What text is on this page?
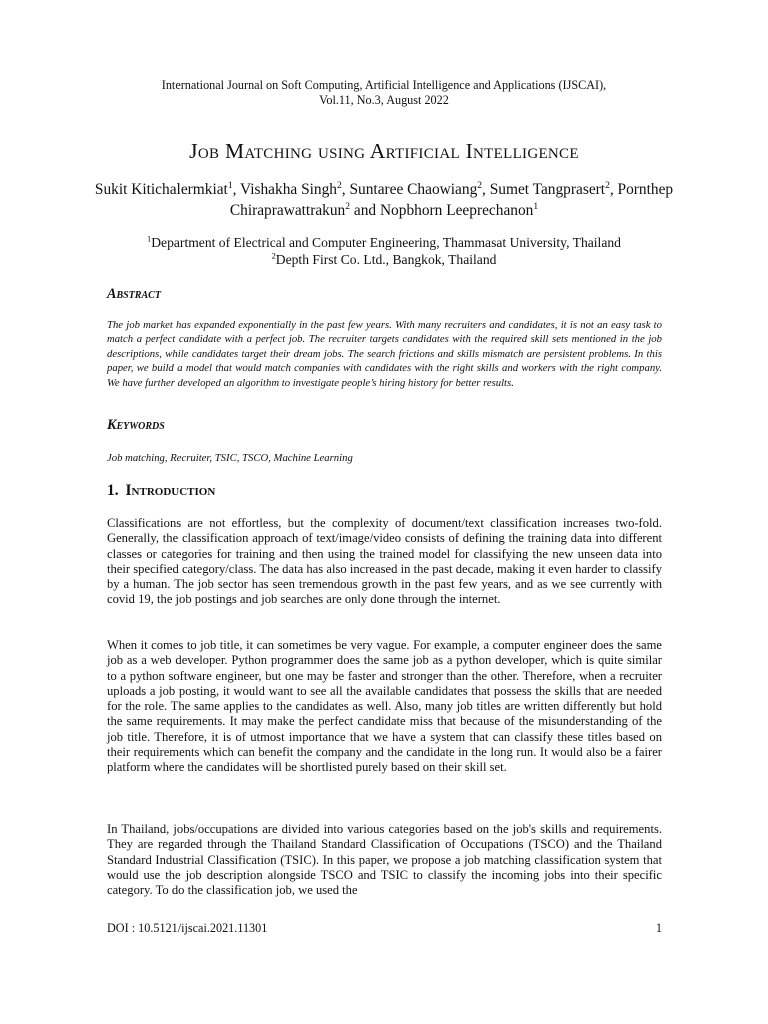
International Journal on Soft Computing, Artificial Intelligence and Applications (IJSCAI),
Vol.11, No.3, August 2022
Job Matching using Artificial Intelligence
Sukit Kitichalermkiat$^1$, Vishakha Singh$^2$, Suntaree Chaowiang$^2$, Sumet Tangprasert$^2$, Pornthep Chiraprawattrakun$^2$ and Nopbhorn Leeprechanon$^1$
$^1$Department of Electrical and Computer Engineering, Thammasat University, Thailand
$^2$Depth First Co. Ltd., Bangkok, Thailand
Abstract

The job market has expanded exponentially in the past few years. With many recruiters and candidates, it is not an easy task to match a perfect candidate with a perfect job. The recruiter targets candidates with the required skill sets mentioned in the job descriptions, while candidates target their dream jobs. The search frictions and skills mismatch are persistent problems. In this paper, we build a model that would match companies with candidates with the right skills and workers with the right company. We have further developed an algorithm to investigate people’s hiring history for better results.

Keywords

Job matching, Recruiter, TSIC, TSCO, Machine Learning

1. Introduction

Classifications are not effortless, but the complexity of document/text classification increases two-fold. Generally, the classification approach of text/image/video consists of defining the training data into different classes or categories for training and then using the trained model for classifying the new unseen data into their specified category/class. The data has also increased in the past decade, making it even harder to classify by a human. The job sector has seen tremendous growth in the past few years, and as we see currently with covid 19, the job postings and job searches are only done through the internet.

When it comes to job title, it can sometimes be very vague. For example, a computer engineer does the same job as a web developer. Python programmer does the same job as a python developer, which is quite similar to a python software engineer, but one may be faster and stronger than the other. Therefore, when a recruiter uploads a job posting, it would want to see all the available candidates that possess the skills that are needed for the role. The same applies to the candidates as well. Also, many job titles are written differently but hold the same requirements. It may make the perfect candidate miss that because of the misunderstanding of the job title. Therefore, it is of utmost importance that we have a system that can classify these titles based on their requirements which can benefit the company and the candidate in the long run. It would also be a fairer platform where the candidates will be shortlisted purely based on their skill set.

In Thailand, jobs/occupations are divided into various categories based on the job's skills and requirements. They are regarded through the Thailand Standard Classification of Occupations (TSCO) and the Thailand Standard Industrial Classification (TSIC). In this paper, we propose a job matching classification system that would use the job description alongside TSCO and TSIC to classify the incoming jobs into their specific category. To do the classification job, we used the

DOI : 10.5121/ijscai.2021.11301	1
